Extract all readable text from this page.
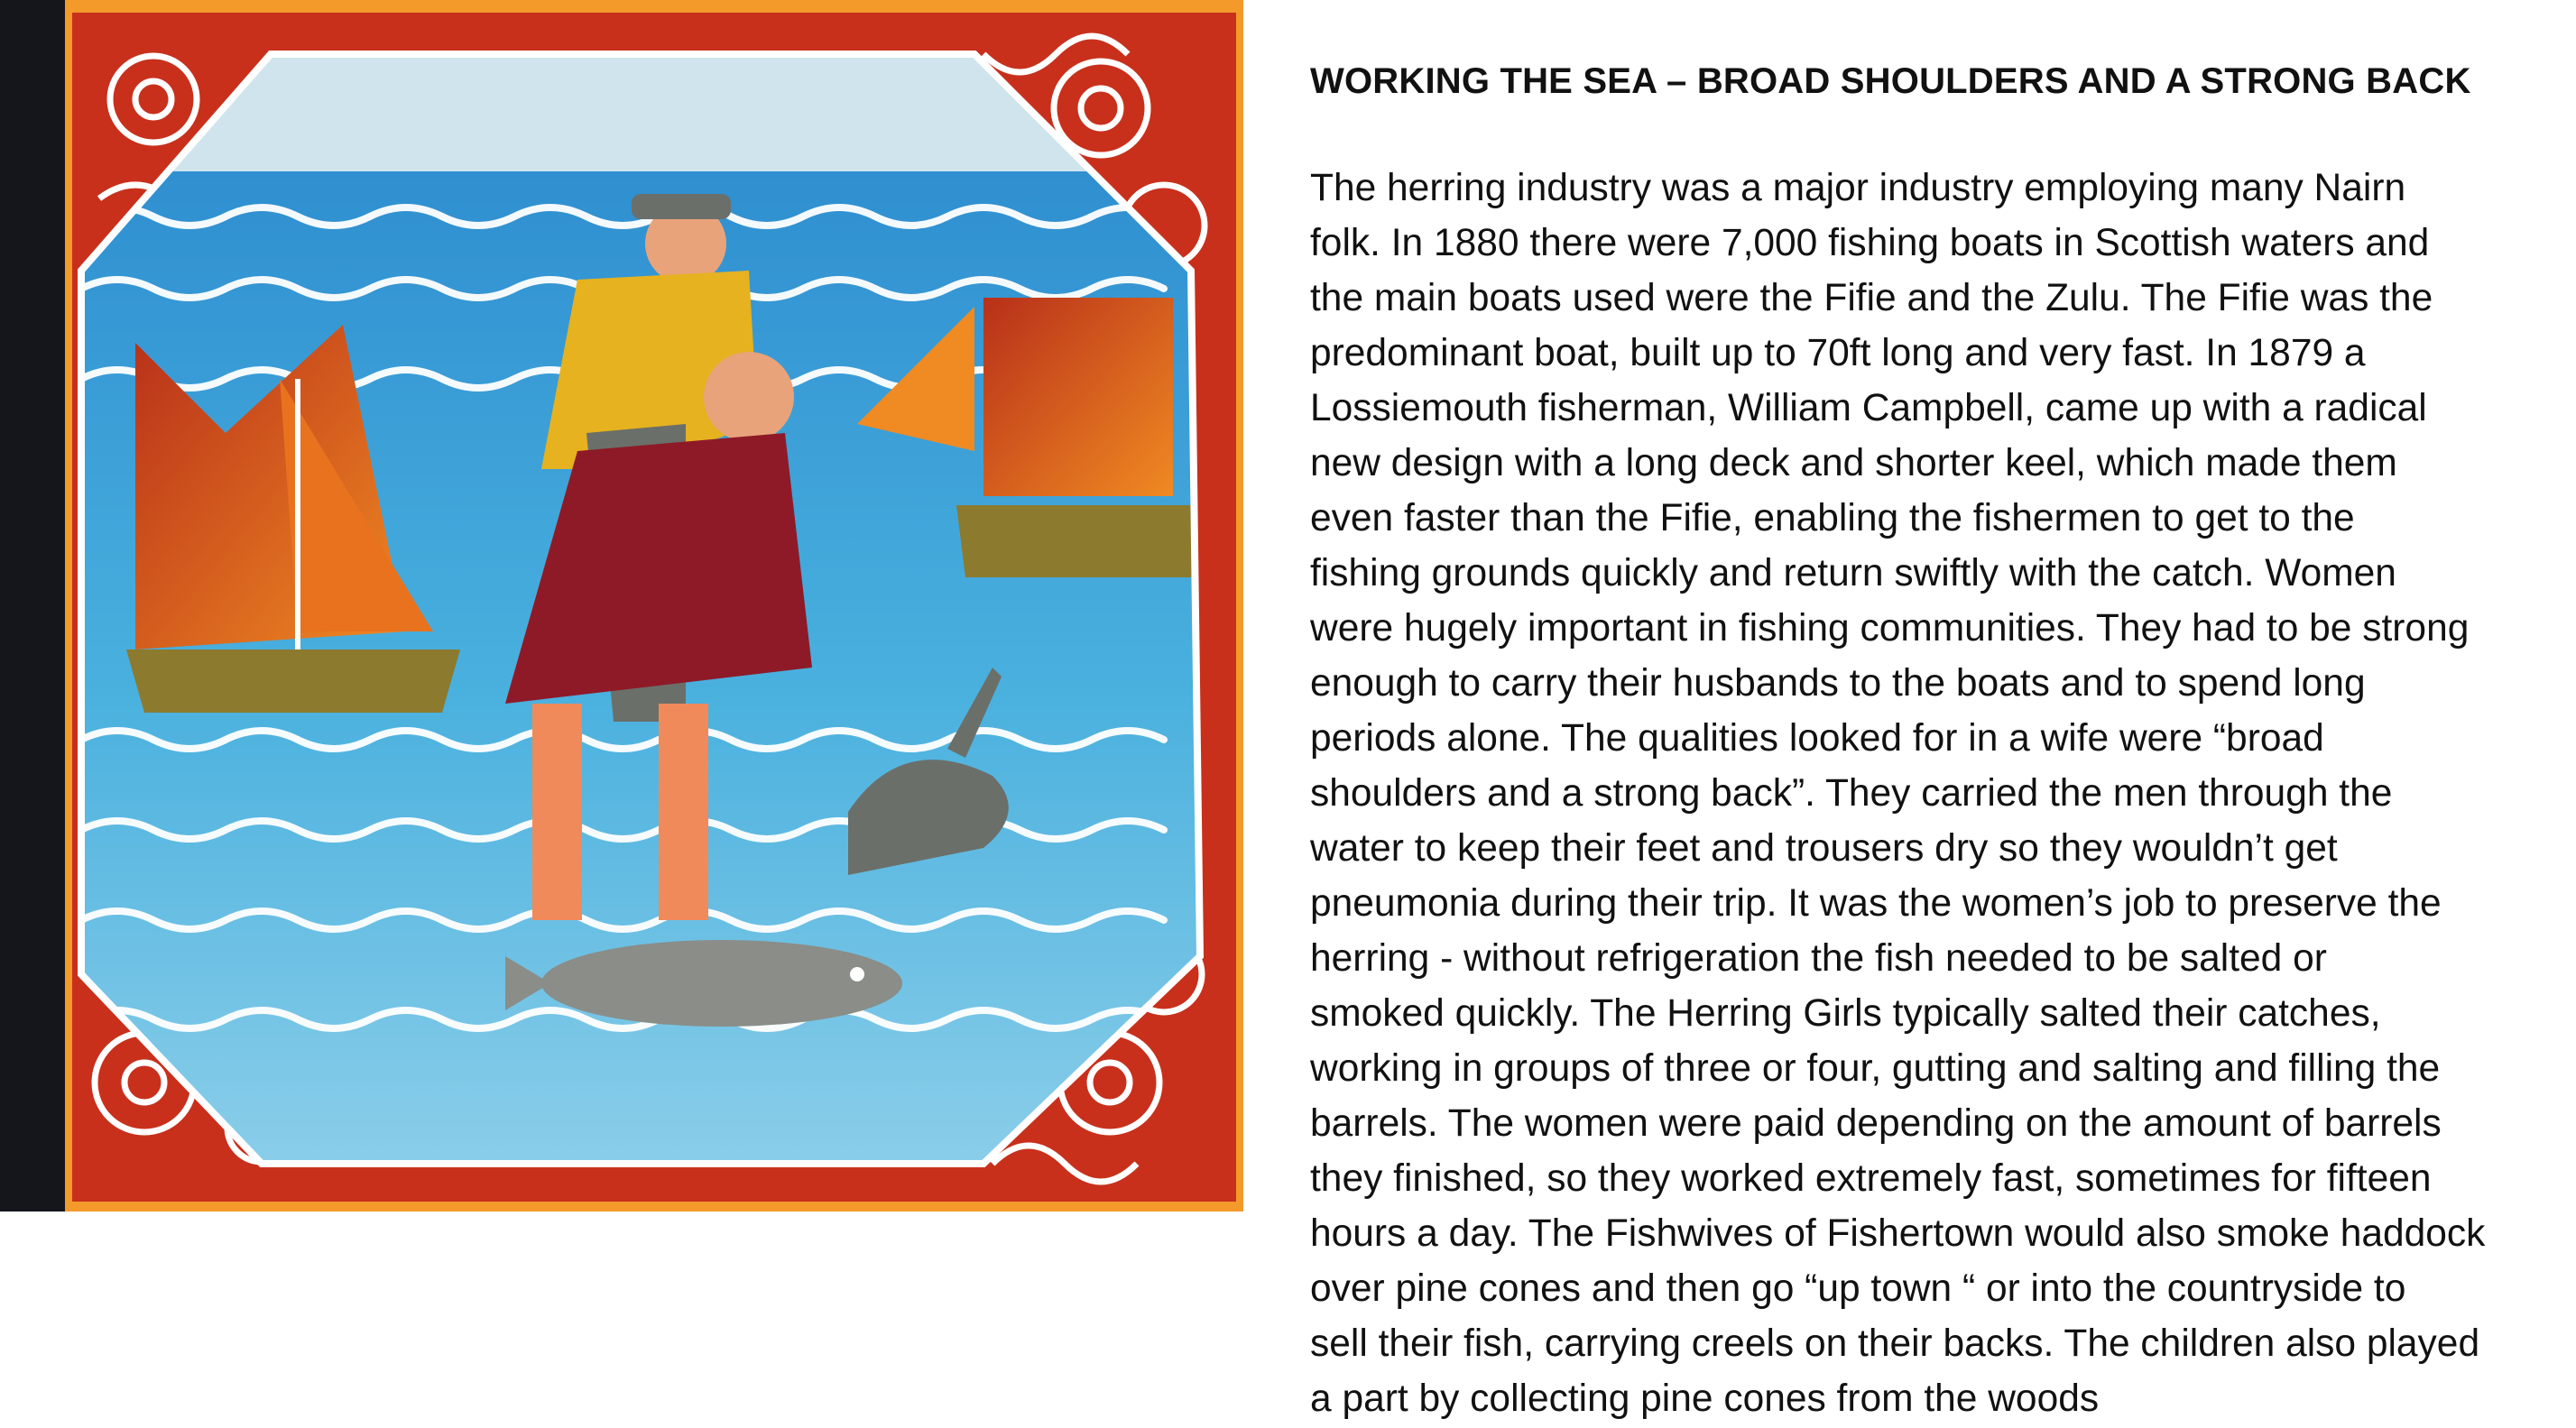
WORKING THE SEA – BROAD SHOULDERS AND A STRONG BACK

The herring industry was a major industry employing many Nairn
folk. In 1880 there were 7,000 fishing boats in Scottish waters and
the main boats used were the Fifie and the Zulu. The Fifie was the
predominant boat, built up to 70ft long and very fast. In 1879 a
Lossiemouth fisherman, William Campbell, came up with a radical
new design with a long deck and shorter keel, which made them
even faster than the Fifie, enabling the fishermen to get to the
fishing grounds quickly and return swiftly with the catch. Women
were hugely important in fishing communities. They had to be strong
enough to carry their husbands to the boats and to spend long
periods alone. The qualities looked for in a wife were “broad
shoulders and a strong back”. They carried the men through the
water to keep their feet and trousers dry so they wouldn’t get
pneumonia during their trip. It was the women’s job to preserve the
herring - without refrigeration the fish needed to be salted or
smoked quickly. The Herring Girls typically salted their catches,
working in groups of three or four, gutting and salting and filling the
barrels. The women were paid depending on the amount of barrels
they finished, so they worked extremely fast, sometimes for fifteen
hours a day. The Fishwives of Fishertown would also smoke haddock
over pine cones and then go “up town “ or into the countryside to
sell their fish, carrying creels on their backs. The children also played
a part by collecting pine cones from the woods
